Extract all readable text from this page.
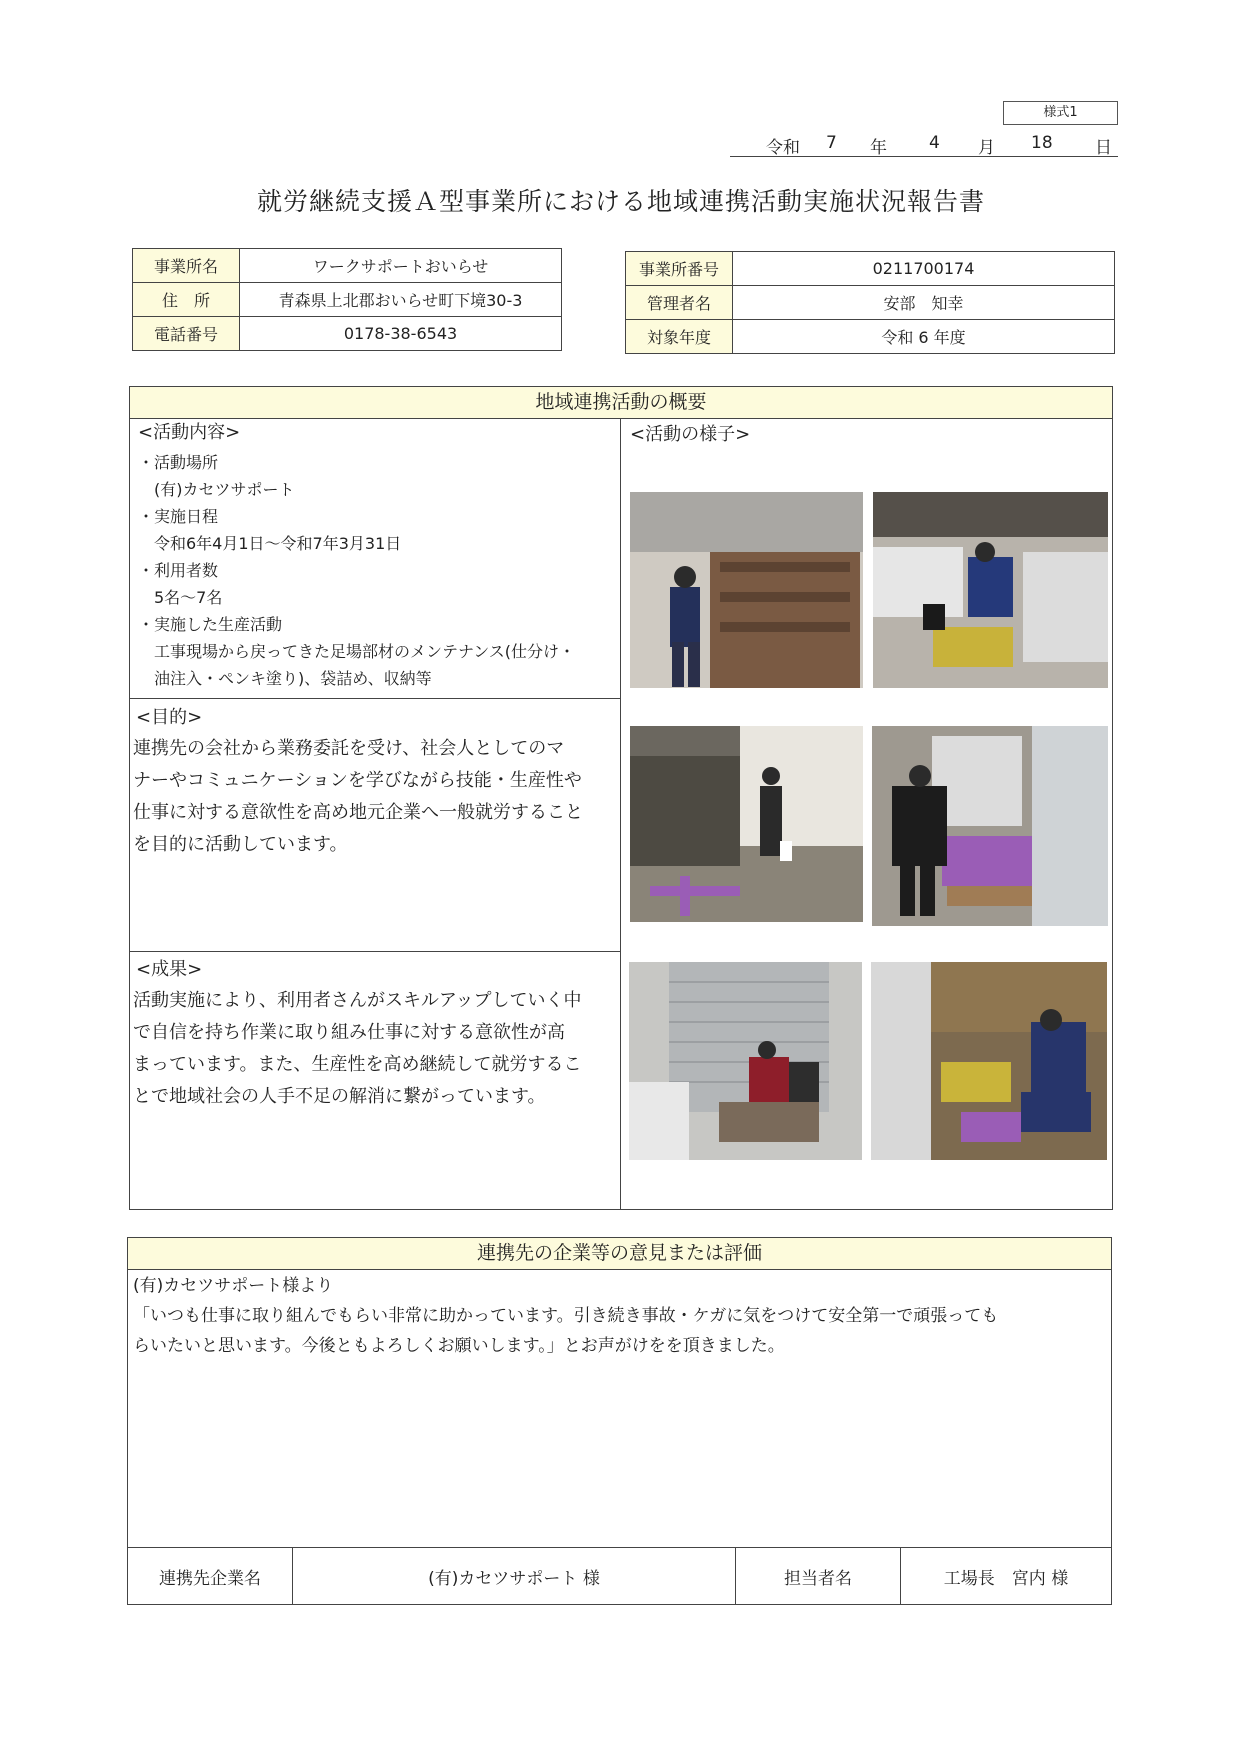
様式1
令和 7 年 4 月 18 日
就労継続支援Ａ型事業所における地域連携活動実施状況報告書
事業所名	ワークサポートおいらせ
住　所	青森県上北郡おいらせ町下境30-3
電話番号	0178-38-6543
事業所番号	0211700174
管理者名	安部　知幸
対象年度	令和 6 年度
地域連携活動の概要
<活動内容>
・活動場所
　(有)カセツサポート
・実施日程
　令和6年4月1日～令和7年3月31日
・利用者数
　5名～7名
・実施した生産活動
　工事現場から戻ってきた足場部材のメンテナンス(仕分け・
　油注入・ペンキ塗り)、袋詰め、収納等
<目的>
連携先の会社から業務委託を受け、社会人としてのマ
ナーやコミュニケーションを学びながら技能・生産性や
仕事に対する意欲性を高め地元企業へ一般就労すること
を目的に活動しています。
<成果>
活動実施により、利用者さんがスキルアップしていく中
で自信を持ち作業に取り組み仕事に対する意欲性が高
まっています。また、生産性を高め継続して就労するこ
とで地域社会の人手不足の解消に繋がっています。
<活動の様子>
連携先の企業等の意見または評価
(有)カセツサポート様より
「いつも仕事に取り組んでもらい非常に助かっています。引き続き事故・ケガに気をつけて安全第一で頑張っても
らいたいと思います。今後ともよろしくお願いします。」とお声がけをを頂きました。
連携先企業名	(有)カセツサポート 様	担当者名	工場長　宮内 様
